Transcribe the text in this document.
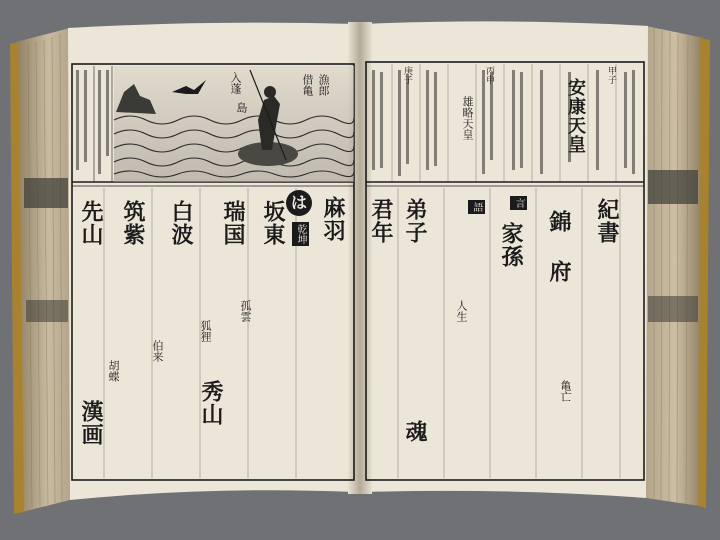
漁郎
借亀
入蓬
島
は
乾坤 麻羽
坂東
瑞国
白波
筑紫
先山
孤雲
狐狸
伯来
胡蝶
秀山
漢画
安康天皇
雄略天皇
言
語	紀書
錦
府
家孫
弟子
君年
甲子
丙申
庚子
人生
亀亡
魂
